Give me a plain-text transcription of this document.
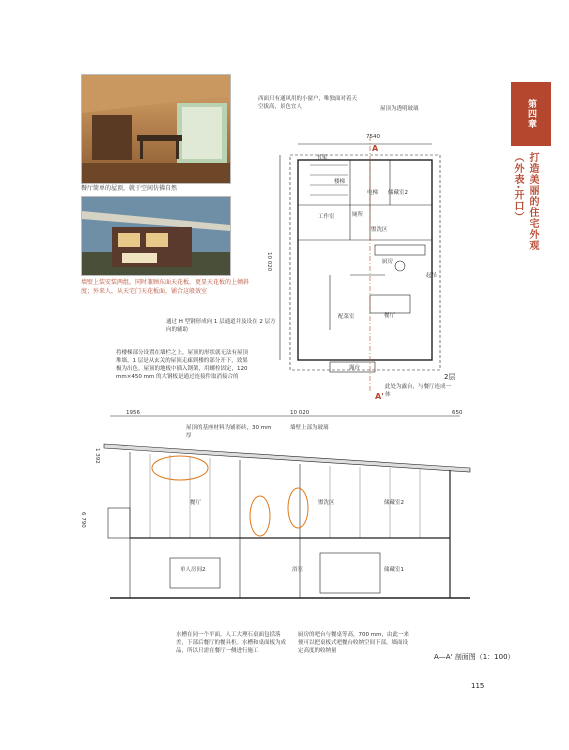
餐厅简单的屋顶，就于空间仿佛自然
墙壁上装安装两组，同时兼顾东面天花板，更显天花板的上倾斜度；外来人，从天宅门天花板面，铺合这般效室
西面只有通风用的小窗户，唯独面对着天空拔高，景色宜人	屋顶为透明玻璃
通过 H 型钢形成向 1 层通道并及设在 2 层方向的辅助
此处为露台，与餐厅连成一体
7540
10 020
A
A'
书架
楼梯
电梯 储藏室2
工作室	厕所
盥洗区
厨房
配菜室	餐厅
起吊
露台
2层
将楼梯部分设置在墙栏之上，屋顶的形状就无法有屋顶堆墙。1 层是从玄关的屋顶走廊到楼的部分开下，效果极为出色。屋顶的地板中插入钢架，用螺栓固定，120 mm×450 mm 的大钢板是通过连接件取消接合的
屋顶的基座材料为铺彩砖，30 mm 厚
墙壁上部为玻璃
1956	10 020	650
1 392
6 790
餐厅	盥洗区	储藏室2
单人房间2	浴室	储藏室1
水槽在同一个平面。人工大理石桌面包括落差，下部后餐厅的餐具柜。水槽和桌面板为成品，所以只需在餐厅一侧进行施工
厨房的吧台与餐桌等高，700 mm，由此一来便可以把桌板式吧餐台收纳空间下部，墙面设定高度的收纳量
A—A' 剖面图（1：100）
第四章
打造美丽的住宅外观（外表·开口）
115
